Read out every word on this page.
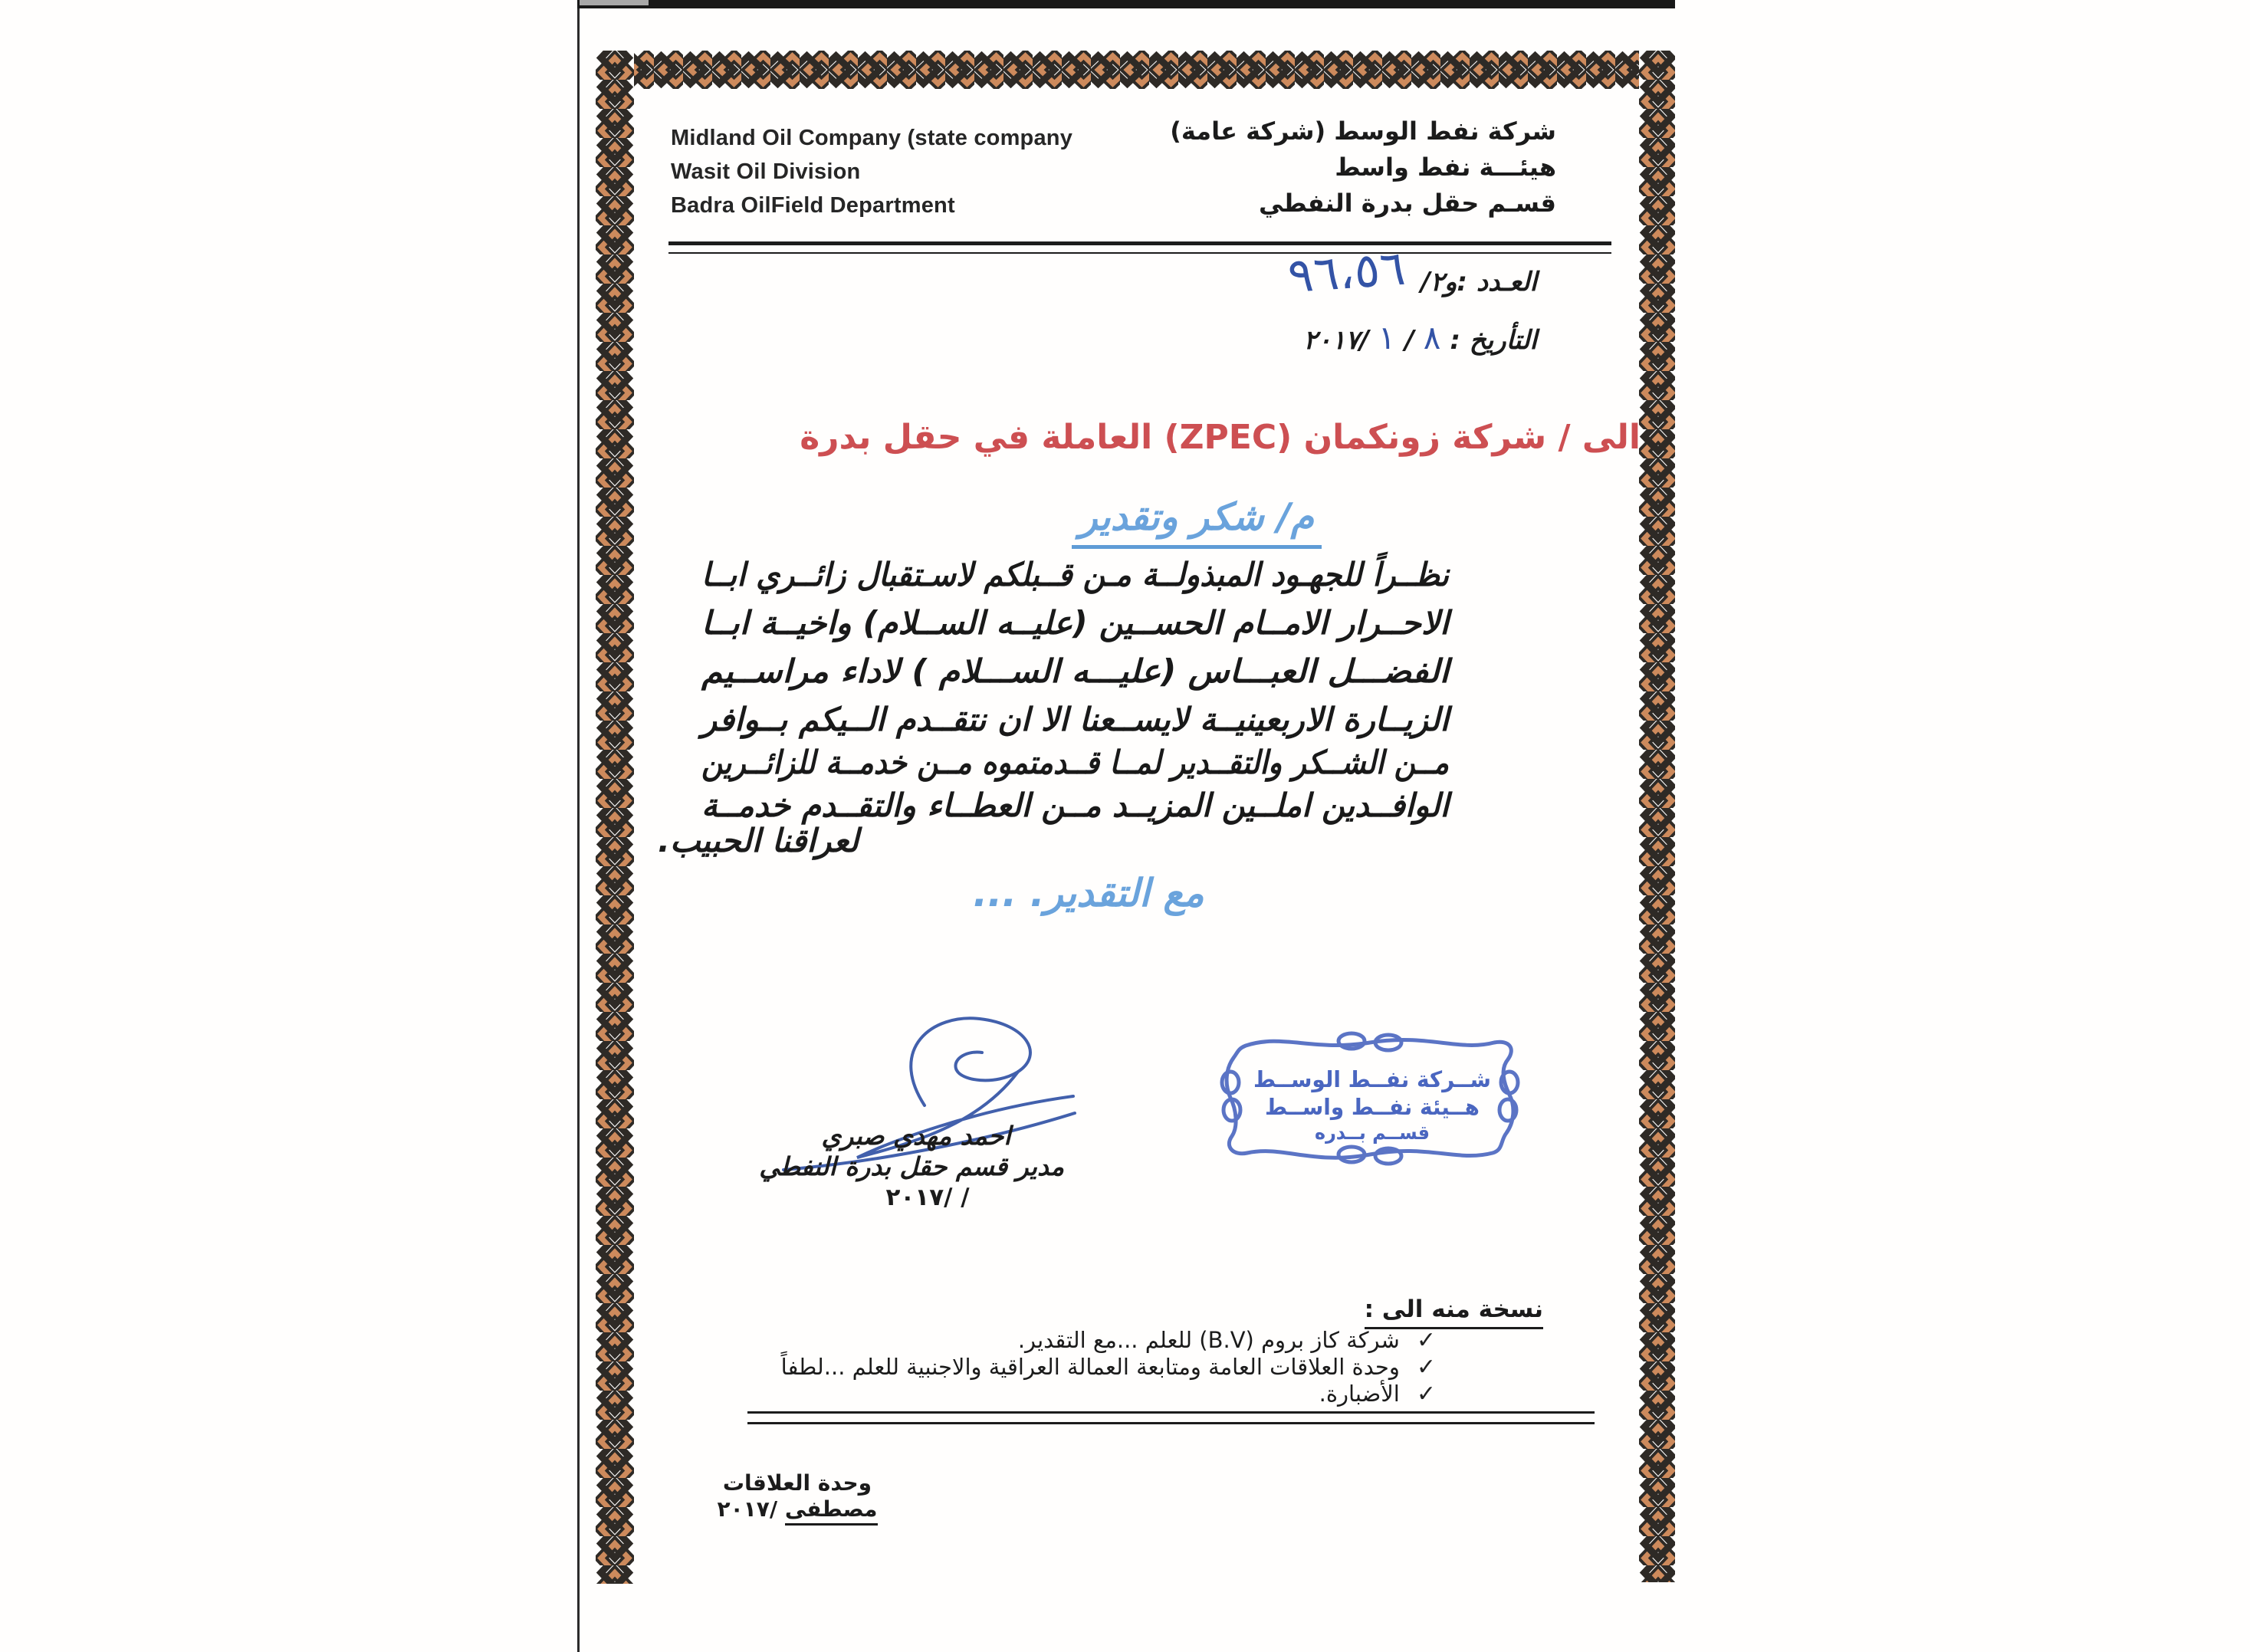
Midland Oil Company (state company
Wasit Oil Division
Badra OilField Department
شركة نفط الوسط (شركة عامة)
هيئـــة نفط واسط
قسـم حقل بدرة النفطي
العـدد :و٢/
٩٦،٥٦
التأريخ :
٨
/
١
/٢٠١٧
الى / شركة زونكمان (ZPEC) العاملة في حقل بدرة
م/ شكر وتقدير
نظــراً للجهـود المبذولــة مـن قــبلكم لاسـتقبال زائــري ابــا
الاحــرار الامــام الحســين (عليــه الســلام) واخيــة ابــا
الفضـــل العبـــاس (عليـــه الســـلام ) لاداء مراســيم
الزيــارة الاربعينيــة لايســعنا الا ان نتقــدم الــيكم بــوافر
مــن الشــكر والتقــدير لمــا قــدمتموه مــن خدمــة للزائــرين
الوافــدين املــين المزيــد مــن العطــاء والتقــدم خدمــة
لعراقنا الحبيب.
مع التقدير. ...
احمد مهدي صبري
مدير قسم حقل بدرة النفطي
/ /٢٠١٧
شــركة نفــط الوســط
هــيئة نفــط واســط
قســم بــدره
نسخة منه الى :
✓
شركة كاز بروم (B.V) للعلم ...مع التقدير.
✓
وحدة العلاقات العامة ومتابعة العمالة العراقية والاجنبية للعلم ...لطفاً
✓
الأضبارة.
وحدة العلاقات
مصطفى /٢٠١٧
